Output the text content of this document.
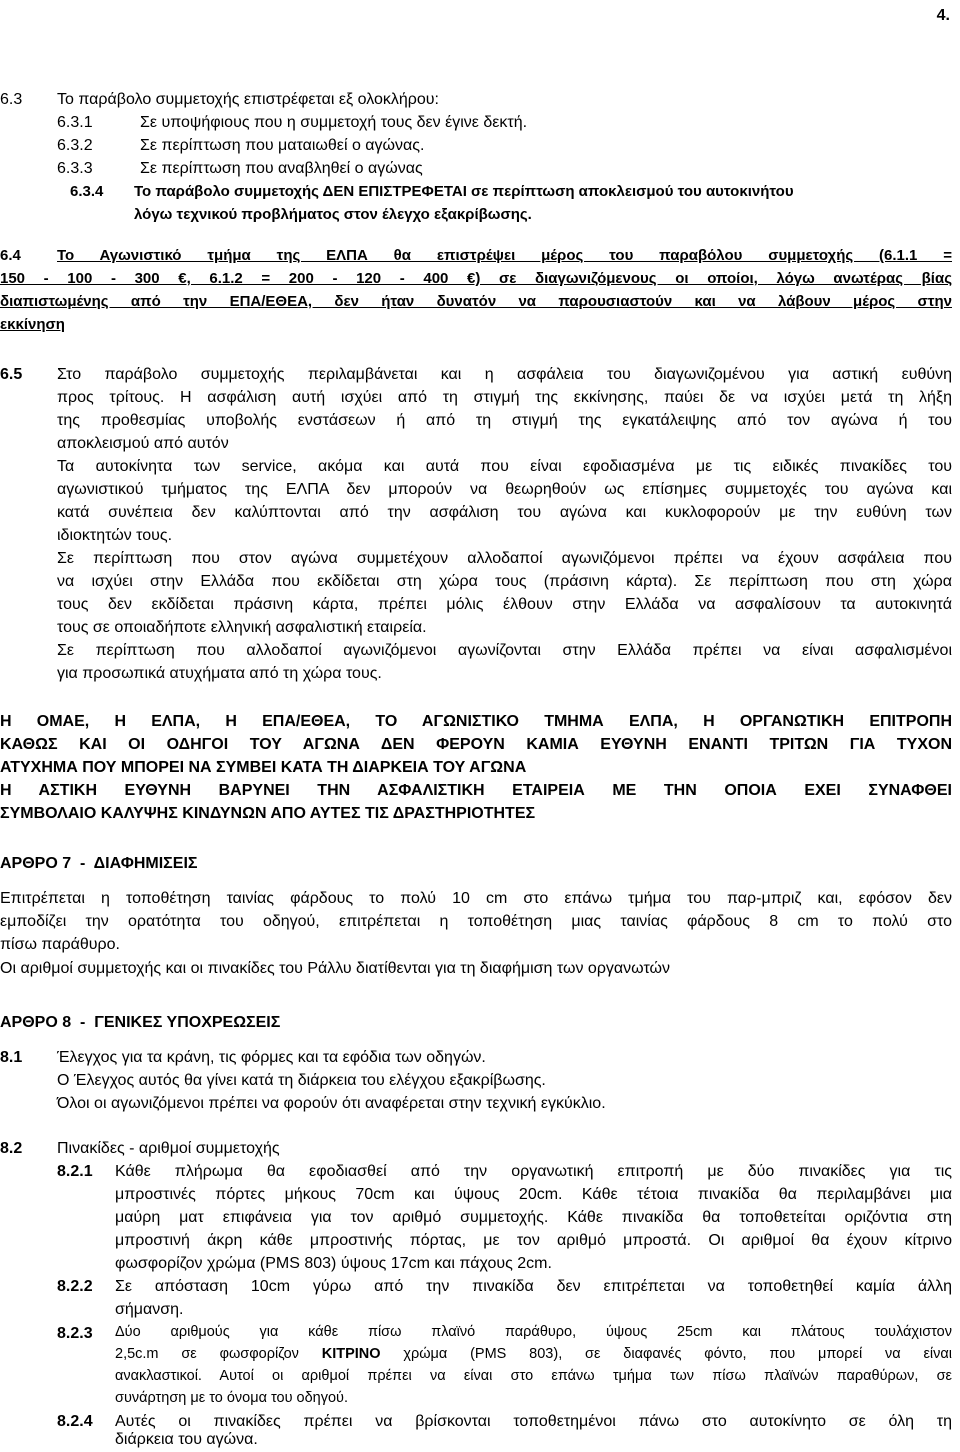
4.
6.3 Το παράβολο συμμετοχής επιστρέφεται εξ ολοκλήρου:
6.3.1	Σε υποψήφιους που η συμμετοχή τους δεν έγινε δεκτή.
6.3.2	Σε περίπτωση που ματαιωθεί ο αγώνας.
6.3.3	Σε περίπτωση που αναβληθεί ο αγώνας
6.3.4 Το παράβολο συμμετοχής ΔΕΝ ΕΠΙΣΤΡΕΦΕΤΑΙ σε περίπτωση αποκλεισμού του αυτοκινήτου
λόγω τεχνικού προβλήματος στον έλεγχο εξακρίβωσης.
6.4 Το Αγωνιστικό τμήμα της ΕΛΠΑ θα επιστρέψει μέρος του παραβόλου συμμετοχής (6.1.1 =
150 - 100 - 300 €, 6.1.2 = 200 - 120 - 400 €) σε διαγωνιζόμενους οι οποίοι, λόγω ανωτέρας βίας
διαπιστωμένης από την ΕΠΑ/ΕΘΕΑ, δεν ήταν δυνατόν να παρουσιαστούν και να λάβουν μέρος στην
εκκίνηση
6.5 Στο παράβολο συμμετοχής περιλαμβάνεται και η ασφάλεια του διαγωνιζομένου για αστική ευθύνη
προς τρίτους. Η ασφάλιση αυτή ισχύει από τη στιγμή της εκκίνησης, παύει δε να ισχύει μετά τη λήξη
της προθεσμίας υποβολής ενστάσεων ή από τη στιγμή της εγκατάλειψης από τον αγώνα ή του
αποκλεισμού από αυτόν
Τα αυτοκίνητα των service, ακόμα και αυτά που είναι εφοδιασμένα με τις ειδικές πινακίδες του
αγωνιστικού τμήματος της ΕΛΠΑ δεν μπορούν να θεωρηθούν ως επίσημες συμμετοχές του αγώνα και
κατά συνέπεια δεν καλύπτονται από την ασφάλιση του αγώνα και κυκλοφορούν με την ευθύνη των
ιδιοκτητών τους.
Σε περίπτωση που στον αγώνα συμμετέχουν αλλοδαποί αγωνιζόμενοι πρέπει να έχουν ασφάλεια που
να ισχύει στην Ελλάδα που εκδίδεται στη χώρα τους (πράσινη κάρτα). Σε περίπτωση που στη χώρα
τους δεν εκδίδεται πράσινη κάρτα, πρέπει μόλις έλθουν στην Ελλάδα να ασφαλίσουν τα αυτοκινητά
τους σε οποιαδήποτε ελληνική ασφαλιστική εταιρεία.
Σε περίπτωση που αλλοδαποί αγωνιζόμενοι αγωνίζονται στην Ελλάδα πρέπει να είναι ασφαλισμένοι
για προσωπικά ατυχήματα από τη χώρα τους.
Η ΟΜΑΕ, Η ΕΛΠΑ, Η ΕΠΑ/ΕΘΕΑ, ΤΟ ΑΓΩΝΙΣΤΙΚΟ ΤΜΗΜΑ ΕΛΠΑ, Η ΟΡΓΑΝΩΤΙΚΗ ΕΠΙΤΡΟΠΗ
ΚΑΘΩΣ ΚΑΙ ΟΙ ΟΔΗΓΟΙ ΤΟΥ ΑΓΩΝΑ ΔΕΝ ΦΕΡΟΥΝ ΚΑΜΙΑ ΕΥΘΥΝΗ ΕΝΑΝΤΙ ΤΡΙΤΩΝ ΓΙΑ ΤΥΧΟΝ
ΑΤΥΧΗΜΑ ΠΟΥ ΜΠΟΡΕΙ ΝΑ ΣΥΜΒΕΙ ΚΑΤΑ ΤΗ ΔΙΑΡΚΕΙΑ ΤΟΥ ΑΓΩΝΑ
Η ΑΣΤΙΚΗ ΕΥΘΥΝΗ ΒΑΡΥΝΕΙ ΤΗΝ ΑΣΦΑΛΙΣΤΙΚΗ ΕΤΑΙΡΕΙΑ ΜΕ ΤΗΝ ΟΠΟΙΑ ΕΧΕΙ ΣΥΝΑΦΘΕΙ
ΣΥΜΒΟΛΑΙΟ ΚΑΛΥΨΗΣ ΚΙΝΔΥΝΩΝ ΑΠΟ ΑΥΤΕΣ ΤΙΣ ΔΡΑΣΤΗΡΙΟΤΗΤΕΣ
ΑΡΘΡΟ 7  -  ΔΙΑΦΗΜΙΣΕΙΣ
Επιτρέπεται η τοποθέτηση ταινίας φάρδους το πολύ 10 cm στο επάνω τμήμα του παρ-μπριζ και, εφόσον δεν
εμποδίζει την ορατότητα του οδηγού, επιτρέπεται η τοποθέτηση μιας ταινίας φάρδους 8 cm το πολύ στο
πίσω παράθυρο.
Οι αριθμοί συμμετοχής και οι πινακίδες του Ράλλυ διατίθενται για τη διαφήμιση των οργανωτών
ΑΡΘΡΟ 8  -  ΓΕΝΙΚΕΣ ΥΠΟΧΡΕΩΣΕΙΣ
8.1 Έλεγχος για τα κράνη, τις φόρμες και τα εφόδια των οδηγών.
Ο Έλεγχος αυτός θα γίνει κατά τη διάρκεια του ελέγχου εξακρίβωσης.
Όλοι οι αγωνιζόμενοι πρέπει να φορούν ότι αναφέρεται στην τεχνική εγκύκλιο.
8.2 Πινακίδες - αριθμοί συμμετοχής
8.2.1 Κάθε πλήρωμα θα εφοδιασθεί από την οργανωτική επιτροπή με δύο πινακίδες για τις
μπροστινές πόρτες μήκους 70cm και ύψους 20cm. Κάθε τέτοια πινακίδα θα περιλαμβάνει μια
μαύρη ματ επιφάνεια για τον αριθμό συμμετοχής. Κάθε πινακίδα θα τοποθετείται οριζόντια στη
μπροστινή άκρη κάθε μπροστινής πόρτας, με τον αριθμό μπροστά. Οι αριθμοί θα έχουν κίτρινο
φωσφορίζον χρώμα (PMS 803) ύψους 17cm και πάχους 2cm.
8.2.2 Σε απόσταση 10cm γύρω από την πινακίδα δεν επιτρέπεται να τοποθετηθεί καμία άλλη
σήμανση.
8.2.3 Δύο αριθμούς για κάθε πίσω πλαϊνό παράθυρο, ύψους 25cm και πλάτους τουλάχιστον
2,5c.m σε φωσφορίζον ΚΙΤΡΙΝΟ χρώμα (PMS 803), σε διαφανές φόντο, που μπορεί να είναι
ανακλαστικοί. Αυτοί οι αριθμοί πρέπει να είναι στο επάνω τμήμα των πίσω πλαϊνών παραθύρων, σε
συνάρτηση με το όνομα του οδηγού.
8.2.4 Αυτές οι πινακίδες πρέπει να βρίσκονται τοποθετημένοι πάνω στο αυτοκίνητο σε όλη τη
διάρκεια του αγώνα.
